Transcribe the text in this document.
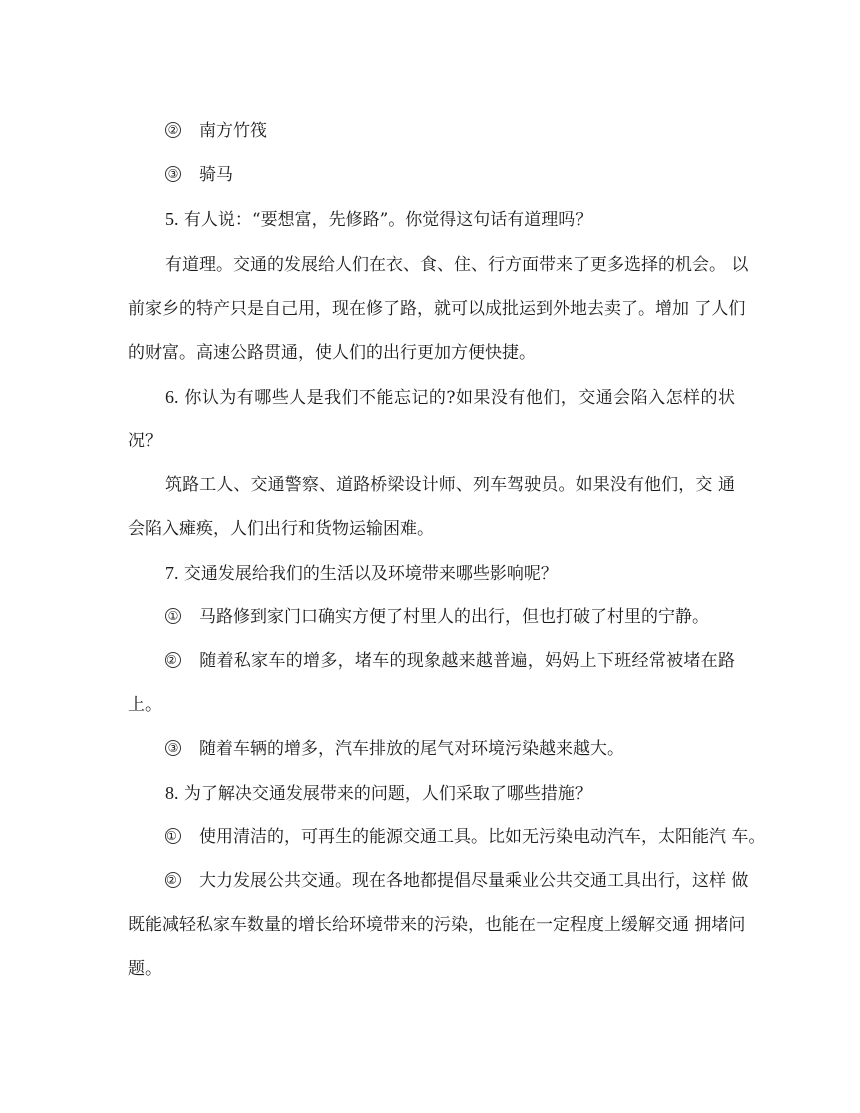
② 南方竹筏
③ 骑马
5. 有人说：“要想富，先修路”。你觉得这句话有道理吗？
有道理。交通的发展给人们在衣、食、住、行方面带来了更多选择的机会。 以
前家乡的特产只是自己用，现在修了路，就可以成批运到外地去卖了。增加 了人们
的财富。高速公路贯通，使人们的出行更加方便快捷。
6. 你认为有哪些人是我们不能忘记的?如果没有他们，交通会陷入怎样的状
况？
筑路工人、交通警察、道路桥梁设计师、列车驾驶员。如果没有他们，交 通
会陷入瘫痪，人们出行和货物运输困难。
7. 交通发展给我们的生活以及环境带来哪些影响呢？
① 马路修到家门口确实方便了村里人的出行，但也打破了村里的宁静。
② 随着私家车的增多，堵车的现象越来越普遍，妈妈上下班经常被堵在路
上。
③ 随着车辆的增多，汽车排放的尾气对环境污染越来越大。
8. 为了解决交通发展带来的问题，人们采取了哪些措施？
① 使用清洁的，可再生的能源交通工具。比如无污染电动汽车，太阳能汽 车。
② 大力发展公共交通。现在各地都提倡尽量乘业公共交通工具出行，这样 做
既能减轻私家车数量的增长给环境带来的污染，也能在一定程度上缓解交通 拥堵问
题。
